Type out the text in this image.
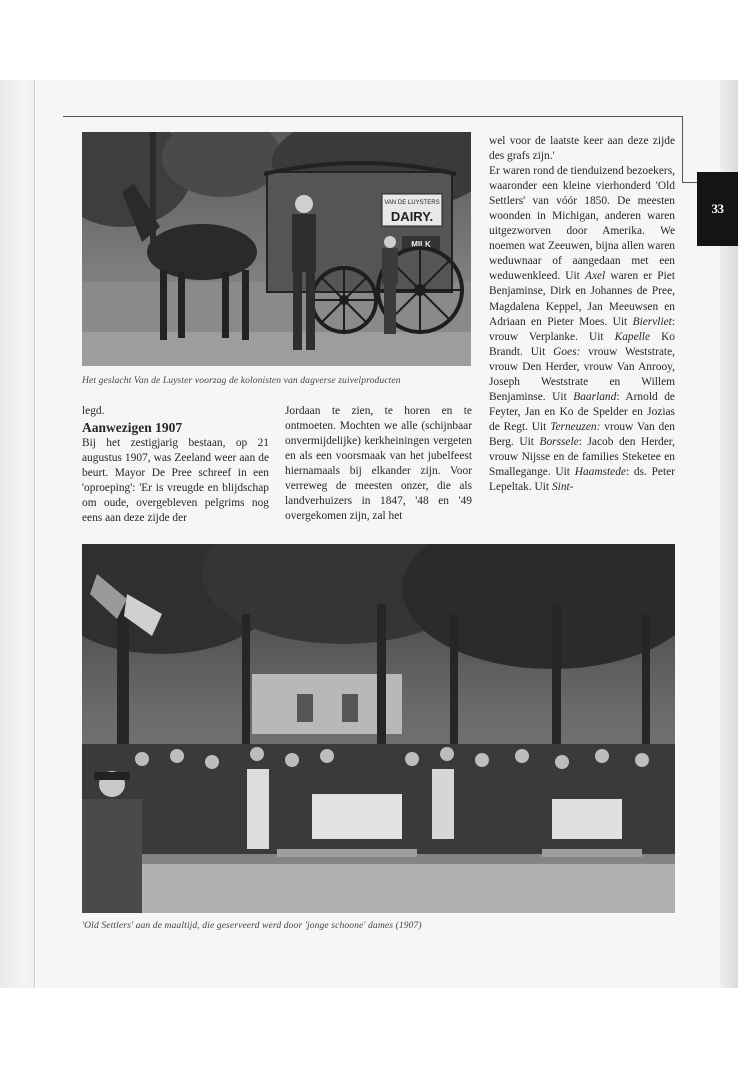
33
VAN DE LUYSTERS
DAIRY.
MILK
Het geslacht Van de Luyster voorzag de kolonisten van dagverse zuivelproducten

legd.

Aanwezigen 1907

Bij het zestigjarig bestaan, op 21 augustus 1907, was Zeeland weer aan de beurt. Mayor De Pree schreef in een 'oproeping': 'Er is vreugde en blijdschap om oude, overgebleven pelgrims nog eens aan deze zijde der

Jordaan te zien, te horen en te ontmoeten. Mochten we alle (schijnbaar onvermijdelijke) kerkheiningen vergeten en als een voorsmaak van het jubelfeest hiernamaals bij elkander zijn. Voor verreweg de meesten onzer, die als landverhuizers in 1847, '48 en '49 overgekomen zijn, zal het

wel voor de laatste keer aan deze zijde des grafs zijn.'

Er waren rond de tienduizend bezoekers, waaronder een kleine vierhonderd 'Old Settlers' van vóór 1850. De meesten woonden in Michigan, anderen waren uitgezworven door Amerika. We noemen wat Zeeuwen, bijna allen waren weduwnaar of aangedaan met een weduwenkleed. Uit Axel waren er Piet Benjaminse, Dirk en Johannes de Pree, Magdalena Keppel, Jan Meeuwsen en Adriaan en Pieter Moes. Uit Biervliet: vrouw Verplanke. Uit Kapelle Ko Brandt. Uit Goes: vrouw Weststrate, vrouw Den Herder, vrouw Van Anrooy, Joseph Weststrate en Willem Benjaminse. Uit Baarland: Arnold de Feyter, Jan en Ko de Spelder en Jozias de Regt. Uit Terneuzen: vrouw Van den Berg. Uit Borssele: Jacob den Herder, vrouw Nijsse en de families Steketee en Smallegange. Uit Haamstede: ds. Peter Lepeltak. Uit Sint-

'Old Settlers' aan de maaltijd, die geserveerd werd door 'jonge schoone' dames (1907)
